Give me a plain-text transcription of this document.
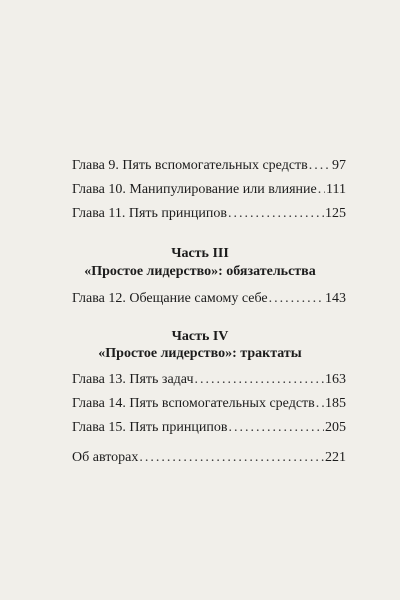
Глава 9. Пять вспомогательных средств ..... 97
Глава 10. Манипулирование или влияние ..... 111
Глава 11. Пять принципов .....	125
Часть III
«Простое лидерство»: обязательства
Глава 12. Обещание самому себе .....	143
Часть IV
«Простое лидерство»: трактаты
Глава 13. Пять задач .....	163
Глава 14. Пять вспомогательных средств ..... 185
Глава 15. Пять принципов .....	205
Об авторах .....	221
